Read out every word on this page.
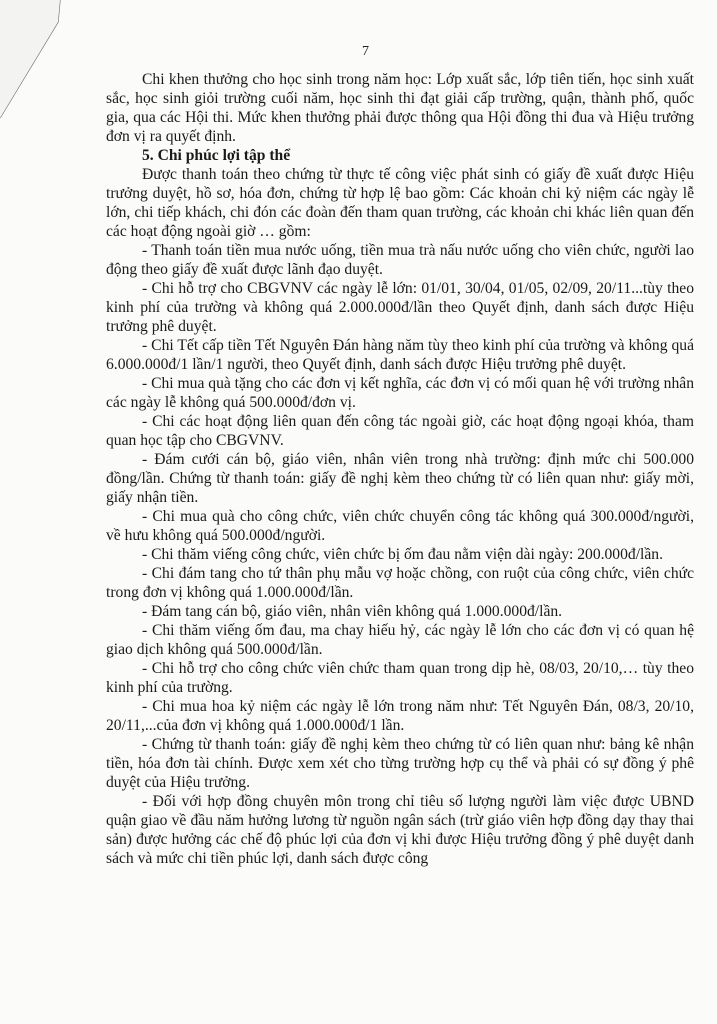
7

Chi khen thưởng cho học sinh trong năm học: Lớp xuất sắc, lớp tiên tiến, học sinh xuất sắc, học sinh giỏi trường cuối năm, học sinh thi đạt giải cấp trường, quận, thành phố, quốc gia, qua các Hội thi. Mức khen thưởng phải được thông qua Hội đồng thi đua và Hiệu trưởng đơn vị ra quyết định.

5. Chi phúc lợi tập thể

Được thanh toán theo chứng từ thực tế công việc phát sinh có giấy đề xuất được Hiệu trưởng duyệt, hồ sơ, hóa đơn, chứng từ hợp lệ bao gồm: Các khoản chi kỷ niệm các ngày lễ lớn, chi tiếp khách, chi đón các đoàn đến tham quan trường, các khoản chi khác liên quan đến các hoạt động ngoài giờ … gồm:

- Thanh toán tiền mua nước uống, tiền mua trà nấu nước uống cho viên chức, người lao động theo giấy đề xuất được lãnh đạo duyệt.

- Chi hỗ trợ cho CBGVNV các ngày lễ lớn: 01/01, 30/04, 01/05, 02/09, 20/11...tùy theo kinh phí của trường và không quá 2.000.000đ/lần theo Quyết định, danh sách được Hiệu trưởng phê duyệt.

- Chi Tết cấp tiền Tết Nguyên Đán hàng năm tùy theo kinh phí của trường và không quá 6.000.000đ/1 lần/1 người, theo Quyết định, danh sách được Hiệu trưởng phê duyệt.

- Chi mua quà tặng cho các đơn vị kết nghĩa, các đơn vị có mối quan hệ với trường nhân các ngày lễ không quá 500.000đ/đơn vị.

- Chi các hoạt động liên quan đến công tác ngoài giờ, các hoạt động ngoại khóa, tham quan học tập cho CBGVNV.

- Đám cưới cán bộ, giáo viên, nhân viên trong nhà trường: định mức chi 500.000 đồng/lần. Chứng từ thanh toán: giấy đề nghị kèm theo chứng từ có liên quan như: giấy mời, giấy nhận tiền.

- Chi mua quà cho công chức, viên chức chuyển công tác không quá 300.000đ/người, về hưu không quá 500.000đ/người.

- Chi thăm viếng công chức, viên chức bị ốm đau nằm viện dài ngày: 200.000đ/lần.

- Chi đám tang cho tứ thân phụ mẫu vợ hoặc chồng, con ruột của công chức, viên chức trong đơn vị không quá 1.000.000đ/lần.

- Đám tang cán bộ, giáo viên, nhân viên không quá 1.000.000đ/lần.

- Chi thăm viếng ốm đau, ma chay hiếu hỷ, các ngày lễ lớn cho các đơn vị có quan hệ giao dịch không quá 500.000đ/lần.

- Chi hỗ trợ cho công chức viên chức tham quan trong dịp hè, 08/03, 20/10,… tùy theo kinh phí của trường.

- Chi mua hoa kỷ niệm các ngày lễ lớn trong năm như: Tết Nguyên Đán, 08/3, 20/10, 20/11,...của đơn vị không quá 1.000.000đ/1 lần.

- Chứng từ thanh toán: giấy đề nghị kèm theo chứng từ có liên quan như: bảng kê nhận tiền, hóa đơn tài chính. Được xem xét cho từng trường hợp cụ thể và phải có sự đồng ý phê duyệt của Hiệu trưởng.

- Đối với hợp đồng chuyên môn trong chỉ tiêu số lượng người làm việc được UBND quận giao về đầu năm hưởng lương từ nguồn ngân sách (trừ giáo viên hợp đồng dạy thay thai sản) được hưởng các chế độ phúc lợi của đơn vị khi được Hiệu trưởng đồng ý phê duyệt danh sách và mức chi tiền phúc lợi, danh sách được công
